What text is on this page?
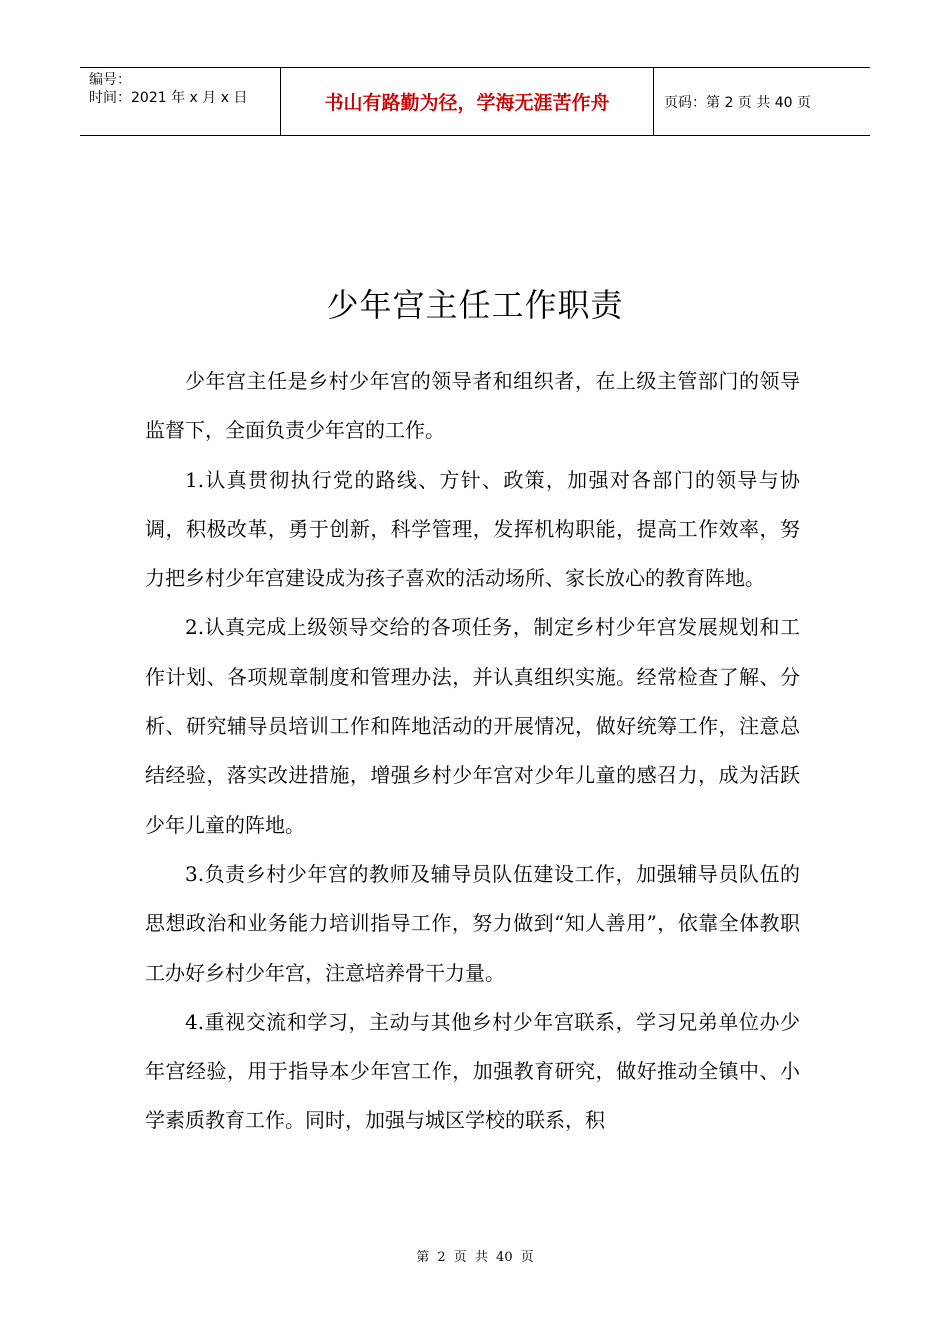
编号：
时间：2021 年 x 月 x 日	书山有路勤为径，学海无涯苦作舟	页码：第 2 页 共 40 页
少年宫主任工作职责

少年宫主任是乡村少年宫的领导者和组织者，在上级主管部门的领导监督下，全面负责少年宫的工作。

1.认真贯彻执行党的路线、方针、政策，加强对各部门的领导与协调，积极改革，勇于创新，科学管理，发挥机构职能，提高工作效率，努力把乡村少年宫建设成为孩子喜欢的活动场所、家长放心的教育阵地。

2.认真完成上级领导交给的各项任务，制定乡村少年宫发展规划和工作计划、各项规章制度和管理办法，并认真组织实施。经常检查了解、分析、研究辅导员培训工作和阵地活动的开展情况，做好统筹工作，注意总结经验，落实改进措施，增强乡村少年宫对少年儿童的感召力，成为活跃少年儿童的阵地。

3.负责乡村少年宫的教师及辅导员队伍建设工作，加强辅导员队伍的思想政治和业务能力培训指导工作，努力做到“知人善用”，依靠全体教职工办好乡村少年宫，注意培养骨干力量。

4.重视交流和学习，主动与其他乡村少年宫联系，学习兄弟单位办少年宫经验，用于指导本少年宫工作，加强教育研究，做好推动全镇中、小学素质教育工作。同时，加强与城区学校的联系，积

第 2 页 共 40 页
